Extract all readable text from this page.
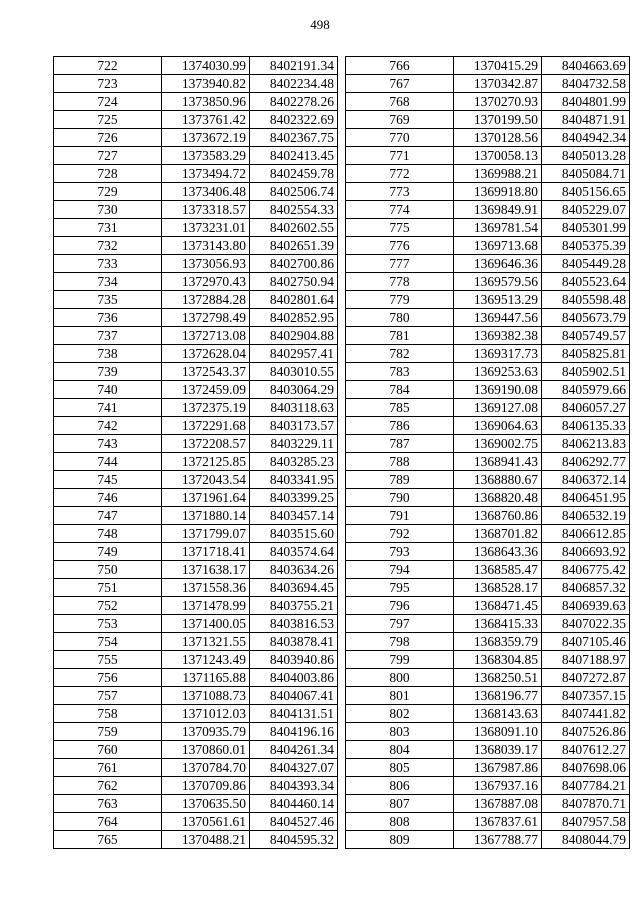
498
722	1374030.99	8402191.34
723	1373940.82	8402234.48
724	1373850.96	8402278.26
725	1373761.42	8402322.69
726	1373672.19	8402367.75
727	1373583.29	8402413.45
728	1373494.72	8402459.78
729	1373406.48	8402506.74
730	1373318.57	8402554.33
731	1373231.01	8402602.55
732	1373143.80	8402651.39
733	1373056.93	8402700.86
734	1372970.43	8402750.94
735	1372884.28	8402801.64
736	1372798.49	8402852.95
737	1372713.08	8402904.88
738	1372628.04	8402957.41
739	1372543.37	8403010.55
740	1372459.09	8403064.29
741	1372375.19	8403118.63
742	1372291.68	8403173.57
743	1372208.57	8403229.11
744	1372125.85	8403285.23
745	1372043.54	8403341.95
746	1371961.64	8403399.25
747	1371880.14	8403457.14
748	1371799.07	8403515.60
749	1371718.41	8403574.64
750	1371638.17	8403634.26
751	1371558.36	8403694.45
752	1371478.99	8403755.21
753	1371400.05	8403816.53
754	1371321.55	8403878.41
755	1371243.49	8403940.86
756	1371165.88	8404003.86
757	1371088.73	8404067.41
758	1371012.03	8404131.51
759	1370935.79	8404196.16
760	1370860.01	8404261.34
761	1370784.70	8404327.07
762	1370709.86	8404393.34
763	1370635.50	8404460.14
764	1370561.61	8404527.46
765	1370488.21	8404595.32
766	1370415.29	8404663.69
767	1370342.87	8404732.58
768	1370270.93	8404801.99
769	1370199.50	8404871.91
770	1370128.56	8404942.34
771	1370058.13	8405013.28
772	1369988.21	8405084.71
773	1369918.80	8405156.65
774	1369849.91	8405229.07
775	1369781.54	8405301.99
776	1369713.68	8405375.39
777	1369646.36	8405449.28
778	1369579.56	8405523.64
779	1369513.29	8405598.48
780	1369447.56	8405673.79
781	1369382.38	8405749.57
782	1369317.73	8405825.81
783	1369253.63	8405902.51
784	1369190.08	8405979.66
785	1369127.08	8406057.27
786	1369064.63	8406135.33
787	1369002.75	8406213.83
788	1368941.43	8406292.77
789	1368880.67	8406372.14
790	1368820.48	8406451.95
791	1368760.86	8406532.19
792	1368701.82	8406612.85
793	1368643.36	8406693.92
794	1368585.47	8406775.42
795	1368528.17	8406857.32
796	1368471.45	8406939.63
797	1368415.33	8407022.35
798	1368359.79	8407105.46
799	1368304.85	8407188.97
800	1368250.51	8407272.87
801	1368196.77	8407357.15
802	1368143.63	8407441.82
803	1368091.10	8407526.86
804	1368039.17	8407612.27
805	1367987.86	8407698.06
806	1367937.16	8407784.21
807	1367887.08	8407870.71
808	1367837.61	8407957.58
809	1367788.77	8408044.79
